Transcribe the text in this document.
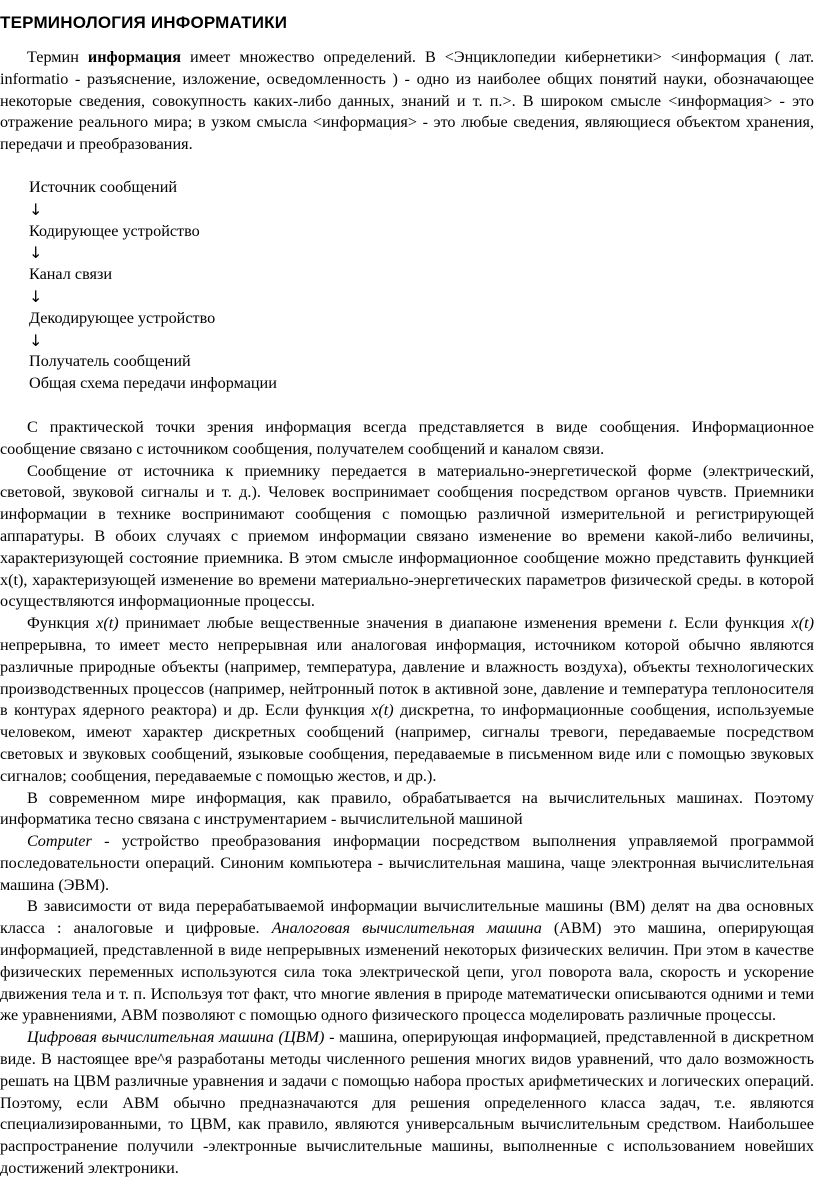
ТЕРМИНОЛОГИЯ ИНФОРМАТИКИ

Термин информация имеет множество определений. В <Энциклопедии кибернетики> <информация ( лат. informatio - разъяснение, изложение, осведомленность ) - одно из наиболее общих понятий науки, обозначающее некоторые сведения, совокупность каких-либо данных, знаний и т. п.>. В широком смысле <информация> - это отражение реального мира; в узком смысла <информация> - это любые сведения, являющиеся объектом хранения, передачи и преобразования.

Источник сообщений
↓
Кодирующее устройство
↓
Канал связи
↓
Декодирующее устройство
↓
Получатель сообщений
Общая схема передачи информации

С практической точки зрения информация всегда представляется в виде сообщения. Информационное сообщение связано с источником сообщения, получателем сообщений и каналом связи.

Сообщение от источника к приемнику передается в материально-энергетической форме (электрический, световой, звуковой сигналы и т. д.). Человек воспринимает сообщения посредством органов чувств. Приемники информации в технике воспринимают сообщения с помощью различной измерительной и регистрирующей аппаратуры. В обоих случаях с приемом информации связано изменение во времени какой-либо величины, характеризующей состояние приемника. В этом смысле информационное сообщение можно представить функцией x(t), характеризующей изменение во времени материально-энергетических параметров физической среды. в которой осуществляются информационные процессы.

Функция x(t) принимает любые вещественные значения в диапаюне изменения времени t. Если функция x(t) непрерывна, то имеет место непрерывная или аналоговая информация, источником которой обычно являются различные природные объекты (например, температура, давление и влажность воздуха), объекты технологических производственных процессов (например, нейтронный поток в активной зоне, давление и температура теплоносителя в контурах ядерного реактора) и др. Если функция x(t) дискретна, то информационные сообщения, используемые человеком, имеют характер дискретных сообщений (например, сигналы тревоги, передаваемые посредством световых и звуковых сообщений, языковые сообщения, передаваемые в письменном виде или с помощью звуковых сигналов; сообщения, передаваемые с помощью жестов, и др.).

В современном мире информация, как правило, обрабатывается на вычислительных машинах. Поэтому информатика тесно связана с инструментарием - вычислительной машиной

Computer - устройство преобразования информации посредством выполнения управляемой программой последовательности операций. Синоним компьютера - вычислительная машина, чаще электронная вычислительная машина (ЭВМ).

В зависимости от вида перерабатываемой информации вычислительные машины (ВМ) делят на два основных класса : аналоговые и цифровые. Аналоговая вычислительная машина (АВМ) это машина, оперирующая информацией, представленной в виде непрерывных изменений некоторых физических величин. При этом в качестве физических переменных используются сила тока электрической цепи, угол поворота вала, скорость и ускорение движения тела и т. п. Используя тот факт, что многие явления в природе математически описываются одними и теми же уравнениями, АВМ позволяют с помощью одного физического процесса моделировать различные процессы.

Цифровая вычислительная машина (ЦВМ) - машина, оперирующая информацией, представленной в дискретном виде. В настоящее вре^я разработаны методы численного решения многих видов уравнений, что дало возможность решать на ЦВМ различные уравнения и задачи с помощью набора простых арифметических и логических операций. Поэтому, если АВМ обычно предназначаются для решения определенного класса задач, т.е. являются специализированными, то ЦВМ, как правило, являются универсальным вычислительным средством. Наибольшее распространение получили -электронные вычислительные машины, выполненные с использованием новейших достижений электроники.
